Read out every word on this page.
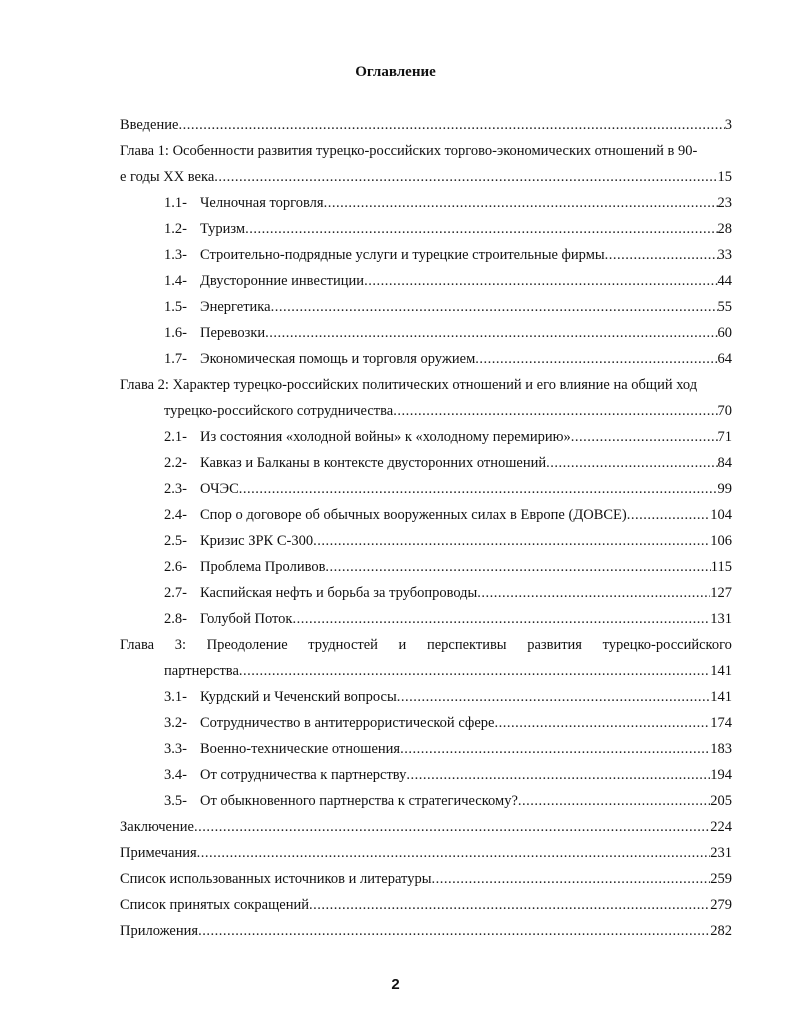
Оглавление
Введение .....	3
Глава 1: Особенности развития турецко-российских торгово-экономических отношений в 90-
е годы XX века .....	15
1.1- Челночная торговля .....	23
1.2- Туризм .....	28
1.3- Строительно-подрядные услуги и турецкие строительные фирмы .....	33
1.4- Двусторонние инвестиции .....	44
1.5- Энергетика .....	55
1.6- Перевозки .....	60
1.7- Экономическая помощь и торговля оружием .....	64
Глава 2: Характер турецко-российских политических отношений и его влияние на общий ход
турецко-российского сотрудничества .....	70
2.1- Из состояния «холодной войны» к «холодному перемирию» .....	71
2.2- Кавказ и Балканы в контексте двусторонних отношений .....	84
2.3- ОЧЭС .....	99
2.4- Спор о договоре об обычных вооруженных силах в Европе (ДОВСЕ) .....	104
2.5- Кризис ЗРК С-300 .....	106
2.6- Проблема Проливов .....	115
2.7- Каспийская нефть и борьба за трубопроводы .....	127
2.8- Голубой Поток .....	131
Глава 3: Преодоление трудностей и перспективы развития турецко-российского
партнерства .....	141
3.1- Курдский и Чеченский вопросы .....	141
3.2- Сотрудничество в антитеррористической сфере .....	174
3.3- Военно-технические отношения .....	183
3.4- От сотрудничества к партнерству .....	194
3.5- От обыкновенного партнерства к стратегическому? .....	205
Заключение .....	224
Примечания .....	231
Список использованных источников и литературы .....	259
Список принятых сокращений .....	279
Приложения .....	282
2
